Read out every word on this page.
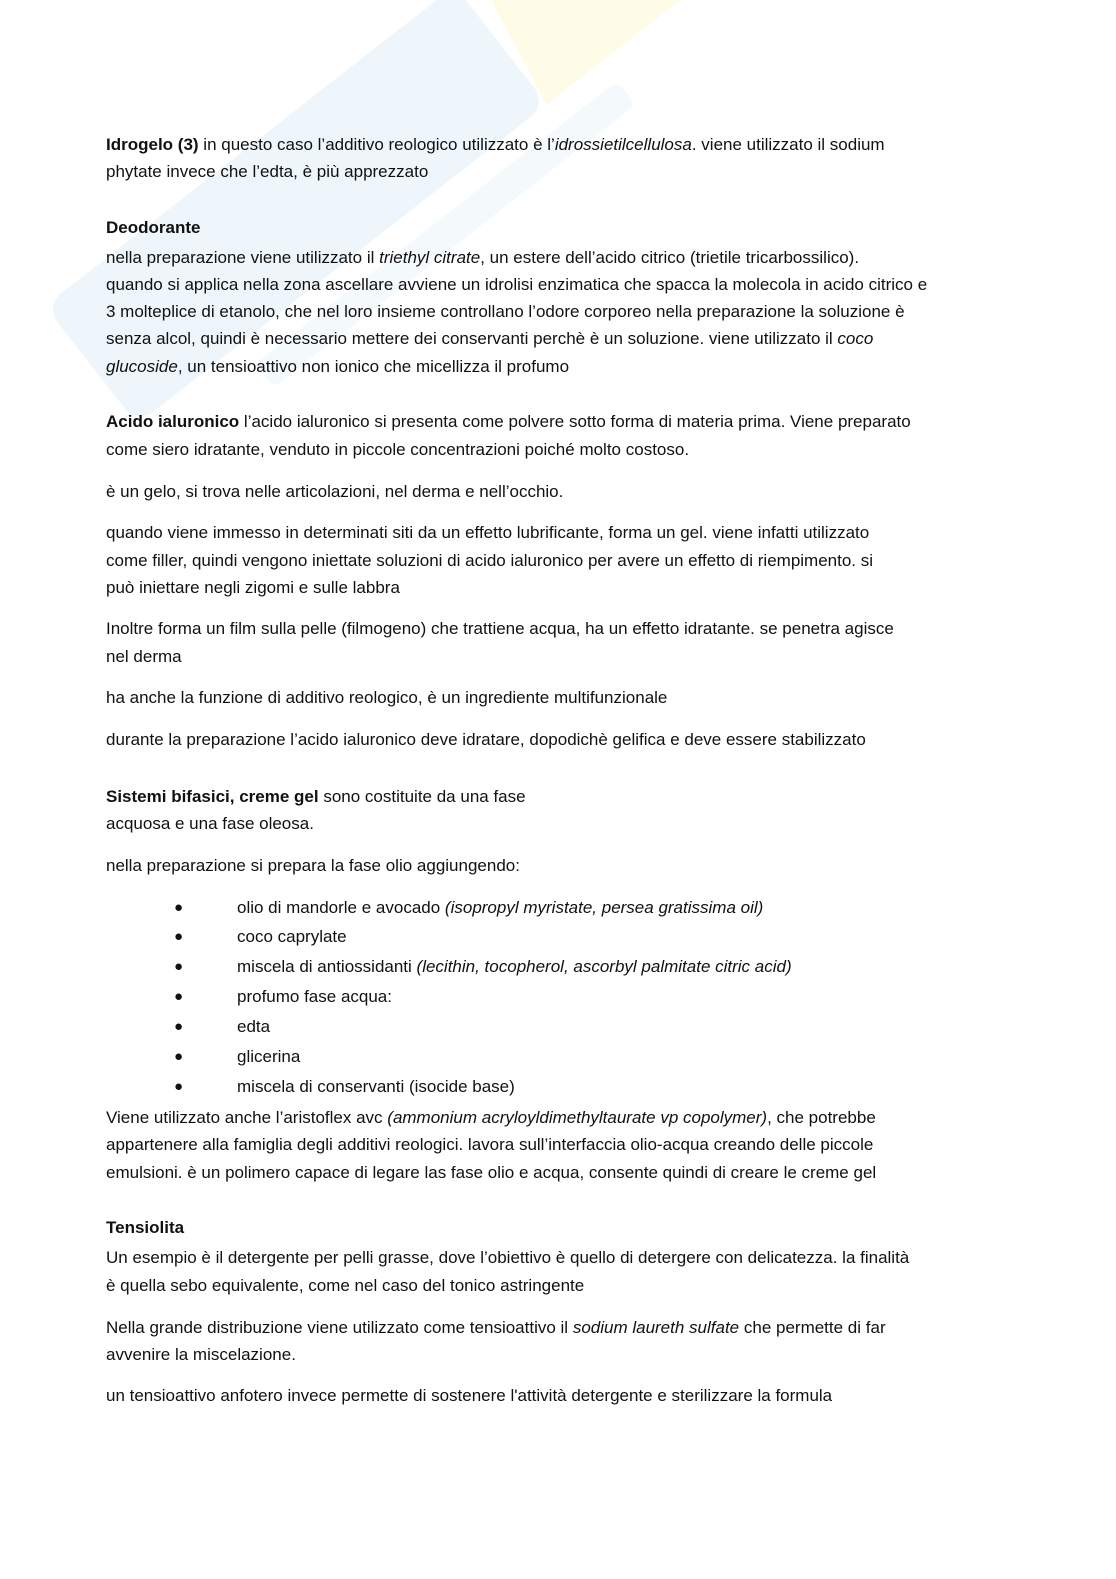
Idrogelo (3) in questo caso l’additivo reologico utilizzato è l’idrossietilcellulosa. viene utilizzato il sodium
phytate invece che l’edta, è più apprezzato
Deodorante
nella preparazione viene utilizzato il triethyl citrate, un estere dell’acido citrico (trietile tricarbossilico).
quando si applica nella zona ascellare avviene un idrolisi enzimatica che spacca la molecola in acido citrico e
3 molteplice di etanolo, che nel loro insieme controllano l’odore corporeo nella preparazione la soluzione è
senza alcol, quindi è necessario mettere dei conservanti perchè è un soluzione. viene utilizzato il coco
glucoside, un tensioattivo non ionico che micellizza il profumo
Acido ialuronico l’acido ialuronico si presenta come polvere sotto forma di materia prima. Viene preparato
come siero idratante, venduto in piccole concentrazioni poiché molto costoso.
è un gelo, si trova nelle articolazioni, nel derma e nell’occhio.
quando viene immesso in determinati siti da un effetto lubrificante, forma un gel. viene infatti utilizzato
come filler, quindi vengono iniettate soluzioni di acido ialuronico per avere un effetto di riempimento. si
può iniettare negli zigomi e sulle labbra
Inoltre forma un film sulla pelle (filmogeno) che trattiene acqua, ha un effetto idratante. se penetra agisce
nel derma
ha anche la funzione di additivo reologico, è un ingrediente multifunzionale
durante la preparazione l’acido ialuronico deve idratare, dopodichè gelifica e deve essere stabilizzato
Sistemi bifasici, creme gel sono costituite da una fase
acquosa e una fase oleosa.
nella preparazione si prepara la fase olio aggiungendo:
Viene utilizzato anche l’aristoflex avc (ammonium acryloyldimethyltaurate vp copolymer), che potrebbe
appartenere alla famiglia degli additivi reologici. lavora sull’interfaccia olio-acqua creando delle piccole
emulsioni. è un polimero capace di legare las fase olio e acqua, consente quindi di creare le creme gel
Tensiolita
Un esempio è il detergente per pelli grasse, dove l’obiettivo è quello di detergere con delicatezza. la finalità
è quella sebo equivalente, come nel caso del tonico astringente
Nella grande distribuzione viene utilizzato come tensioattivo il sodium laureth sulfate che permette di far
avvenire la miscelazione.
un tensioattivo anfotero invece permette di sostenere l'attività detergente e sterilizzare la formula
olio di mandorle e avocado (isopropyl myristate, persea gratissima oil)
●
coco caprylate
●
miscela di antiossidanti (lecithin, tocopherol, ascorbyl palmitate citric acid)
●
profumo fase acqua:
●
edta
●
glicerina
●
miscela di conservanti (isocide base)
●
